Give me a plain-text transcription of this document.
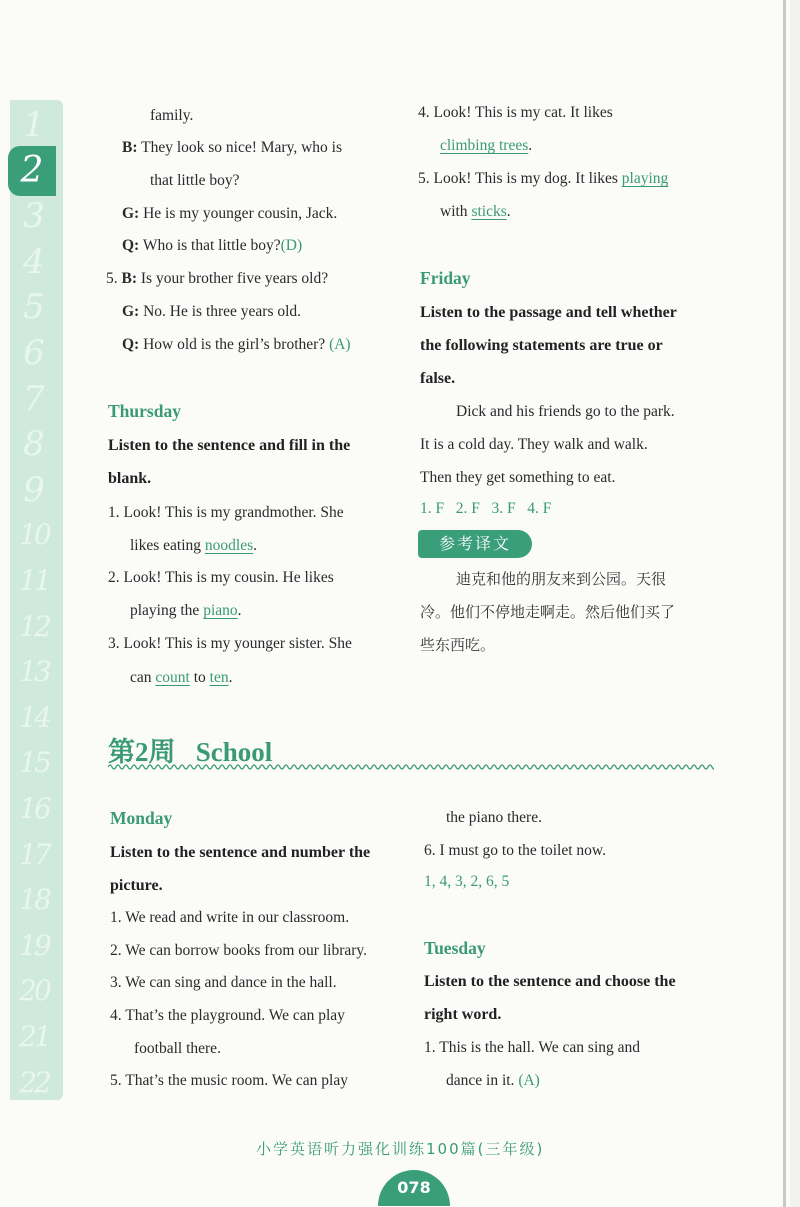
1
3
4
5
6
7
8
9
10
11
12
13
14
15
16
17
18
19
20
21
22
2
family.
B: They look so nice! Mary, who is
that little boy?
G: He is my younger cousin, Jack.
Q: Who is that little boy?(D)
5. B: Is your brother five years old?
G: No. He is three years old.
Q: How old is the girl’s brother? (A)
Thursday
Listen to the sentence and fill in the
blank.
1. Look! This is my grandmother. She
likes eating noodles.
2. Look! This is my cousin. He likes
playing the piano.
3. Look! This is my younger sister. She
can count to ten.
4. Look! This is my cat. It likes
climbing trees.
5. Look! This is my dog. It likes playing
with sticks.
Friday
Listen to the passage and tell whether
the following statements are true or
false.
Dick and his friends go to the park.
It is a cold day. They walk and walk.
Then they get something to eat.
1. F   2. F   3. F   4. F
参考译文
迪克和他的朋友来到公园。天很
冷。他们不停地走啊走。然后他们买了
些东西吃。
第2周   School
Monday
Listen to the sentence and number the
picture.
1. We read and write in our classroom.
2. We can borrow books from our library.
3. We can sing and dance in the hall.
4. That’s the playground. We can play
football there.
5. That’s the music room. We can play
the piano there.
6. I must go to the toilet now.
1, 4, 3, 2, 6, 5
Tuesday
Listen to the sentence and choose the
right word.
1. This is the hall. We can sing and
dance in it. (A)
小学英语听力强化训练100篇(三年级)
078
